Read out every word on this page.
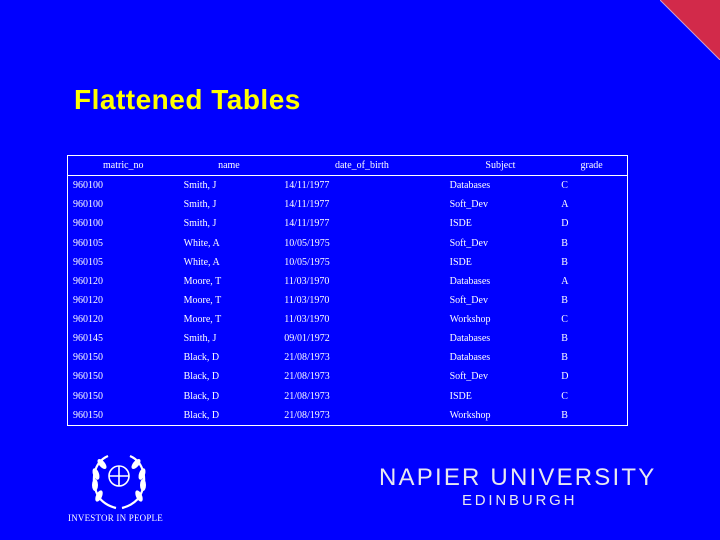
Flattened Tables
matric_no	name	date_of_birth	Subject	grade
960100	Smith, J	14/11/1977	Databases	C
960100	Smith, J	14/11/1977	Soft_Dev	A
960100	Smith, J	14/11/1977	ISDE	D
960105	White, A	10/05/1975	Soft_Dev	B
960105	White, A	10/05/1975	ISDE	B
960120	Moore, T	11/03/1970	Databases	A
960120	Moore, T	11/03/1970	Soft_Dev	B
960120	Moore, T	11/03/1970	Workshop	C
960145	Smith, J	09/01/1972	Databases	B
960150	Black, D	21/08/1973	Databases	B
960150	Black, D	21/08/1973	Soft_Dev	D
960150	Black, D	21/08/1973	ISDE	C
960150	Black, D	21/08/1973	Workshop	B
INVESTOR IN PEOPLE
NAPIER UNIVERSITY
EDINBURGH
